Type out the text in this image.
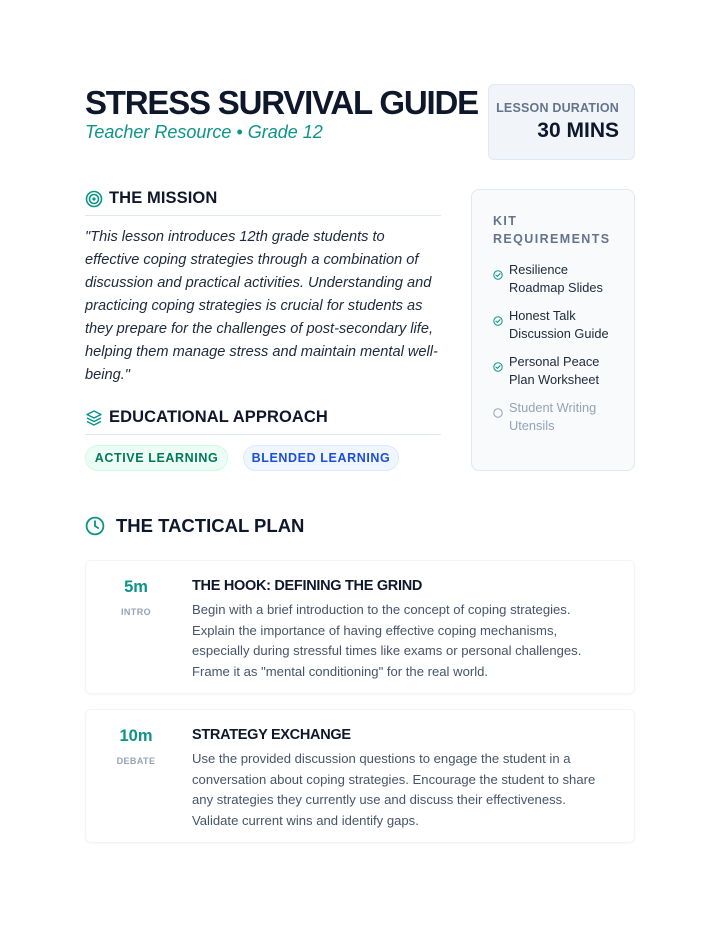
STRESS SURVIVAL GUIDE
Teacher Resource • Grade 12
LESSON DURATION
30 MINS
THE MISSION
"This lesson introduces 12th grade students to effective coping strategies through a combination of discussion and practical activities. Understanding and practicing coping strategies is crucial for students as they prepare for the challenges of post-secondary life, helping them manage stress and maintain mental well-being."
EDUCATIONAL APPROACH
ACTIVE LEARNING	BLENDED LEARNING
KIT REQUIREMENTS
Resilience Roadmap Slides
Honest Talk Discussion Guide
Personal Peace Plan Worksheet
Student Writing Utensils
THE TACTICAL PLAN
5m
INTRO
THE HOOK: DEFINING THE GRIND
Begin with a brief introduction to the concept of coping strategies. Explain the importance of having effective coping mechanisms, especially during stressful times like exams or personal challenges. Frame it as "mental conditioning" for the real world.
10m
DEBATE
STRATEGY EXCHANGE
Use the provided discussion questions to engage the student in a conversation about coping strategies. Encourage the student to share any strategies they currently use and discuss their effectiveness. Validate current wins and identify gaps.
